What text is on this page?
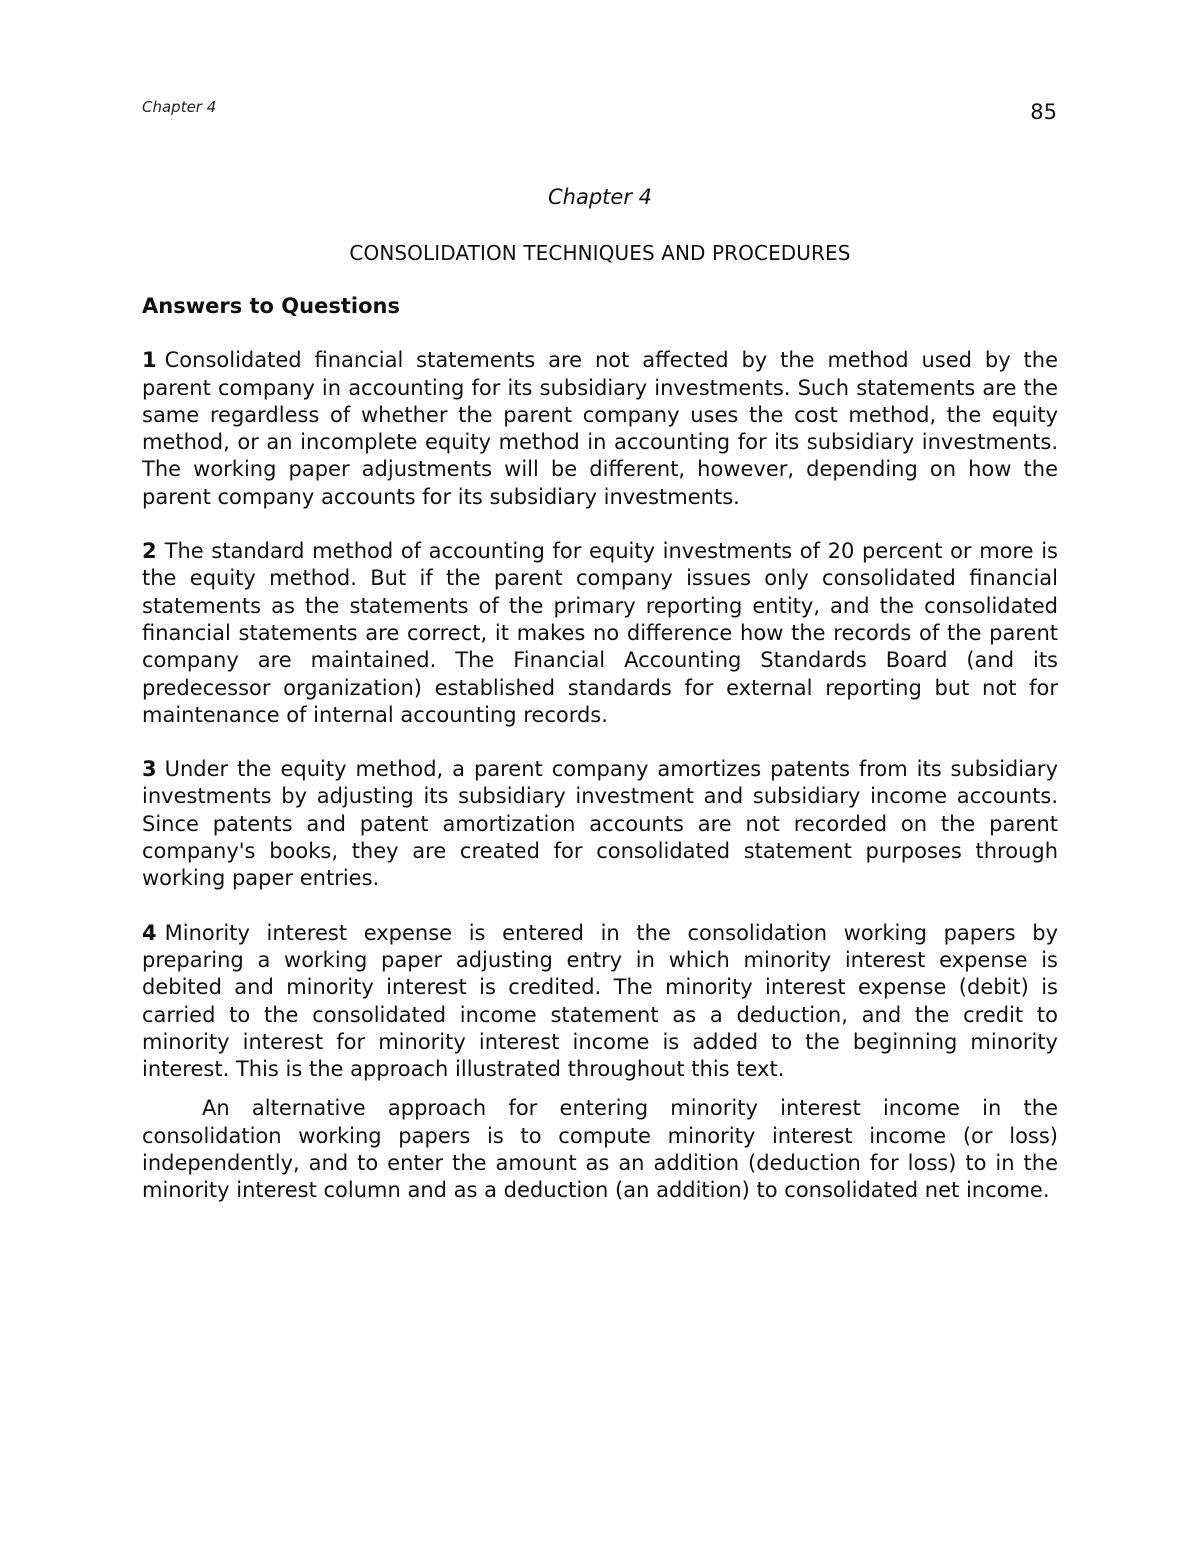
Chapter 4	85
Chapter 4
CONSOLIDATION TECHNIQUES AND PROCEDURES

Answers to Questions

1 Consolidated financial statements are not affected by the method used by the parent company in accounting for its subsidiary investments. Such statements are the same regardless of whether the parent company uses the cost method, the equity method, or an incomplete equity method in accounting for its subsidiary investments. The working paper adjustments will be different, however, depending on how the parent company accounts for its subsidiary investments.

2 The standard method of accounting for equity investments of 20 percent or more is the equity method. But if the parent company issues only consolidated financial statements as the statements of the primary reporting entity, and the consolidated financial statements are correct, it makes no difference how the records of the parent company are maintained. The Financial Accounting Standards Board (and its predecessor organization) established standards for external reporting but not for maintenance of internal accounting records.

3 Under the equity method, a parent company amortizes patents from its subsidiary investments by adjusting its subsidiary investment and subsidiary income accounts. Since patents and patent amortization accounts are not recorded on the parent company's books, they are created for consolidated statement purposes through working paper entries.

4 Minority interest expense is entered in the consolidation working papers by preparing a working paper adjusting entry in which minority interest expense is debited and minority interest is credited. The minority interest expense (debit) is carried to the consolidated income statement as a deduction, and the credit to minority interest for minority interest income is added to the beginning minority interest. This is the approach illustrated throughout this text.

An alternative approach for entering minority interest income in the consolidation working papers is to compute minority interest income (or loss) independently, and to enter the amount as an addition (deduction for loss) to in the minority interest column and as a deduction (an addition) to consolidated net income.
